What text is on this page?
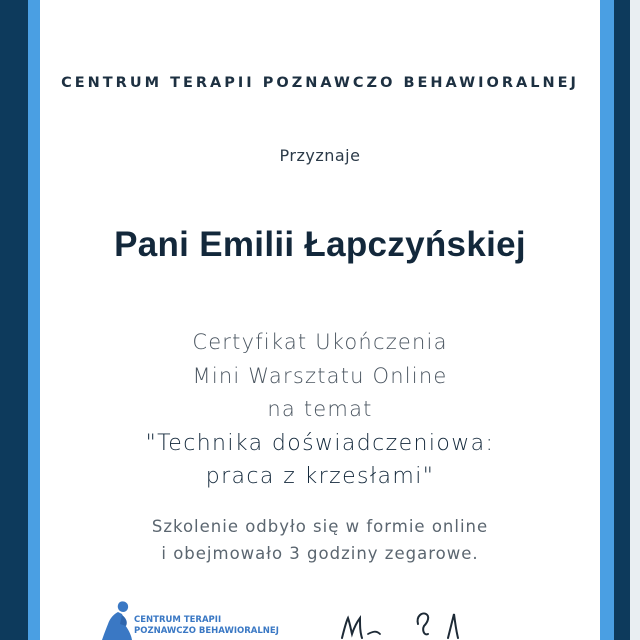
CENTRUM TERAPII POZNAWCZO BEHAWIORALNEJ
Przyznaje
Pani Emilii Łapczyńskiej
Certyfikat Ukończenia
Mini Warsztatu Online
na temat
"Technika doświadczeniowa:
praca z krzesłami"
Szkolenie odbyło się w formie online
i obejmowało 3 godziny zegarowe.
CENTRUM TERAPII
POZNAWCZO BEHAWIORALNEJ
